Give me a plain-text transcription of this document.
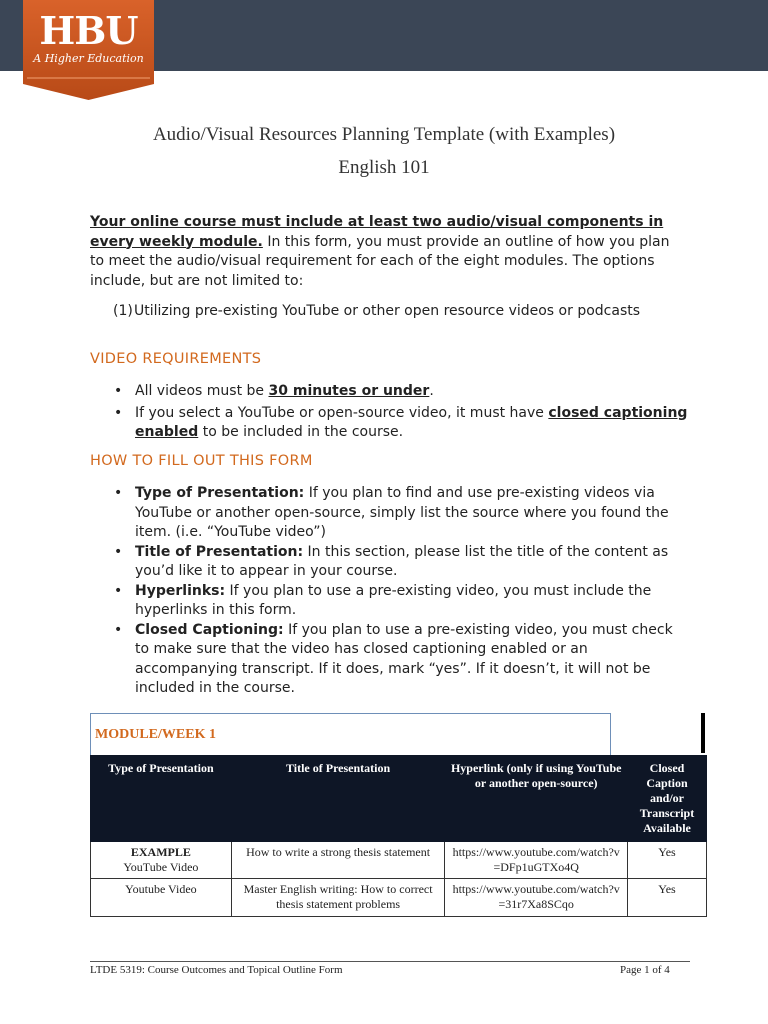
HBU
A Higher Education
Audio/Visual Resources Planning Template (with Examples)
English 101
Your online course must include at least two audio/visual components in every weekly module. In this form, you must provide an outline of how you plan to meet the audio/visual requirement for each of the eight modules. The options include, but are not limited to:
(1) Utilizing pre-existing YouTube or other open resource videos or podcasts
VIDEO REQUIREMENTS
• All videos must be 30 minutes or under.
• If you select a YouTube or open-source video, it must have closed captioning enabled to be included in the course.
HOW TO FILL OUT THIS FORM
• Type of Presentation: If you plan to find and use pre-existing videos via YouTube or another open-source, simply list the source where you found the item. (i.e. “YouTube video”)
• Title of Presentation: In this section, please list the title of the content as you’d like it to appear in your course.
• Hyperlinks: If you plan to use a pre-existing video, you must include the hyperlinks in this form.
• Closed Captioning: If you plan to use a pre-existing video, you must check to make sure that the video has closed captioning enabled or an accompanying transcript. If it does, mark “yes”. If it doesn’t, it will not be included in the course.
MODULE/WEEK 1
Type of Presentation	Title of Presentation	Hyperlink (only if using YouTube or another open-source)	Closed Caption and/or Transcript Available

EXAMPLE
YouTube Video	How to write a strong thesis statement	https://www.youtube.com/watch?v=DFp1uGTXo4Q	Yes
Youtube Video	Master English writing: How to correct thesis statement problems	https://www.youtube.com/watch?v=31r7Xa8SCqo	Yes
LTDE 5319: Course Outcomes and Topical Outline Form	Page 1 of 4
